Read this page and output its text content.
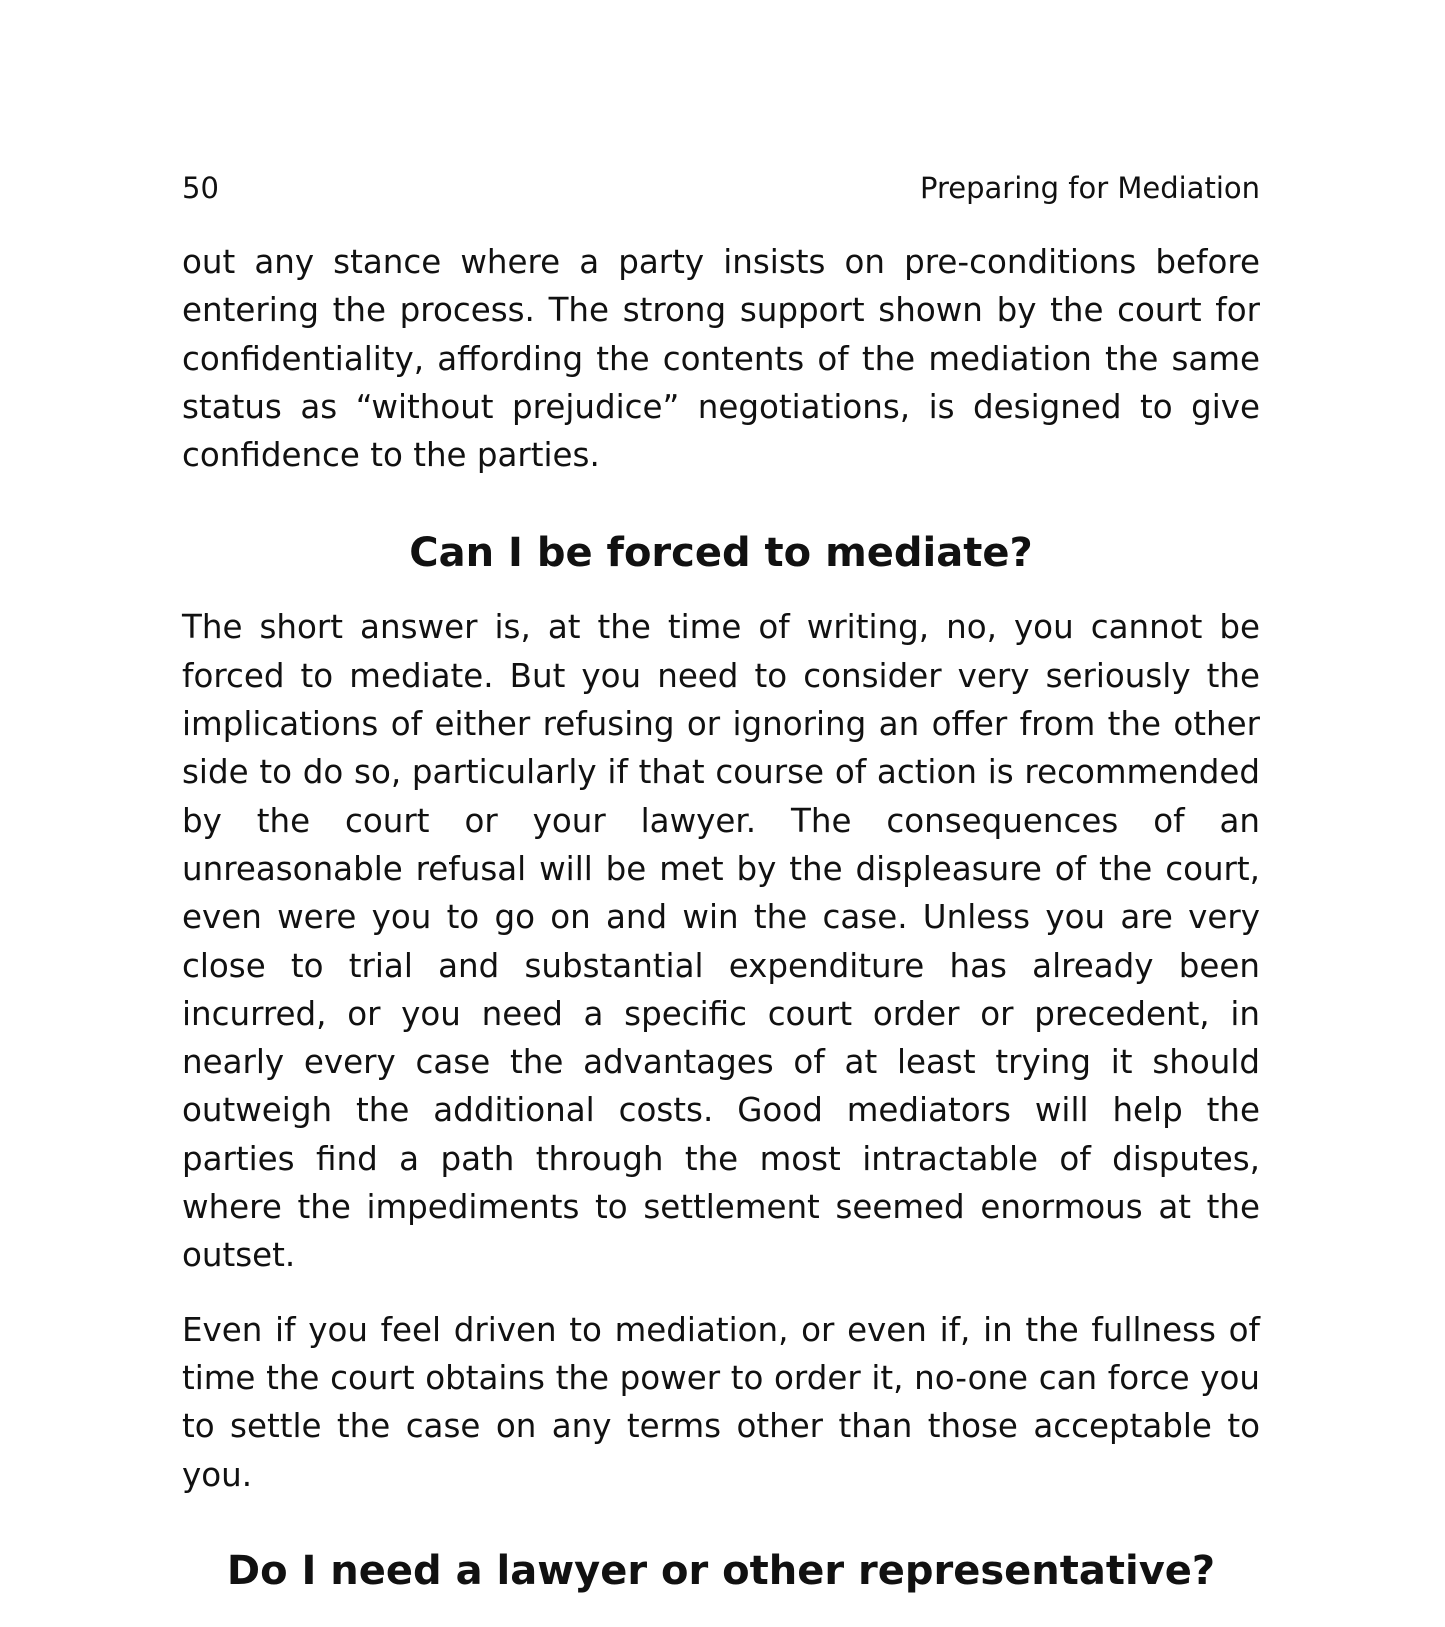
50	Preparing for Mediation

out any stance where a party insists on pre-conditions before entering the process. The strong support shown by the court for confidentiality, affording the contents of the mediation the same status as “without prejudice” negotiations, is designed to give confidence to the parties.

Can I be forced to mediate?

The short answer is, at the time of writing, no, you cannot be forced to mediate. But you need to consider very seriously the implications of either refusing or ignoring an offer from the other side to do so, particularly if that course of action is recommended by the court or your lawyer. The consequences of an unreasonable refusal will be met by the displeasure of the court, even were you to go on and win the case. Unless you are very close to trial and substantial expenditure has already been incurred, or you need a specific court order or precedent, in nearly every case the advantages of at least trying it should outweigh the additional costs. Good mediators will help the parties find a path through the most intractable of disputes, where the impediments to settlement seemed enormous at the outset.

Even if you feel driven to mediation, or even if, in the fullness of time the court obtains the power to order it, no-one can force you to settle the case on any terms other than those acceptable to you.

Do I need a lawyer or other representative?
